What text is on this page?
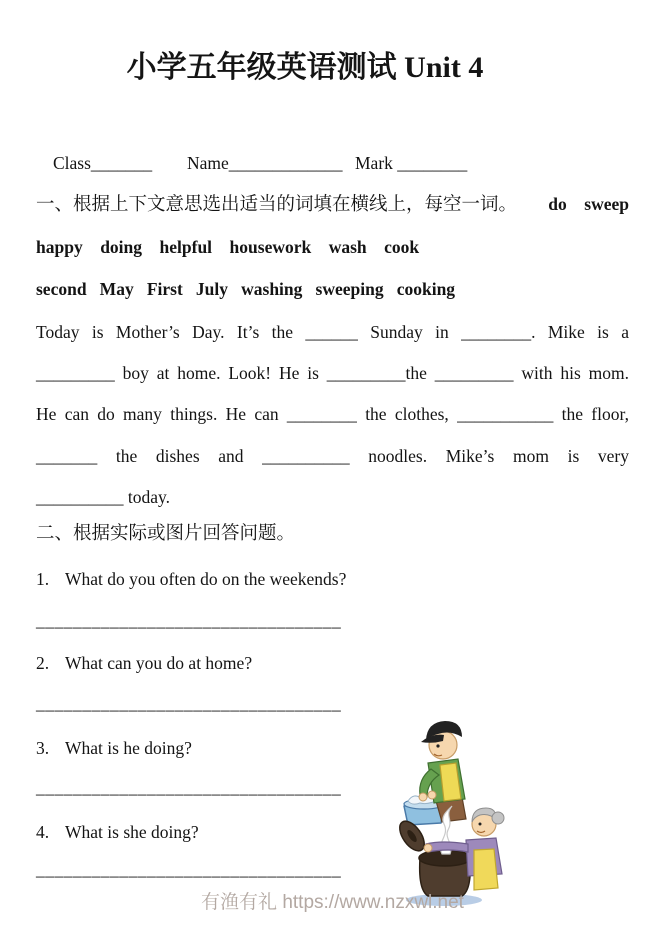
小学五年级英语测试 Unit 4
Class_______ Name_____________ Mark ________
一、根据上下文意思选出适当的词填在横线上，每空一词。 do    sweep
happy    doing    helpful    housework    wash    cook
second   May   First   July   washing   sweeping   cooking
Today is Mother’s Day. It’s the ______ Sunday in ________. Mike is a
_________ boy at home. Look! He is _________the _________ with his mom.
He can do many things. He can ________ the clothes, ___________ the floor,
_______ the dishes and __________ noodles. Mike’s mom is very
__________ today.
二、根据实际或图片回答问题。
1. What do you often do on the weekends?
_________________________________
2. What can you do at home?
_________________________________
3. What is he doing?
_________________________________
4. What is she doing?
_________________________________
有渔有礼 https://www.nzxwl.net
